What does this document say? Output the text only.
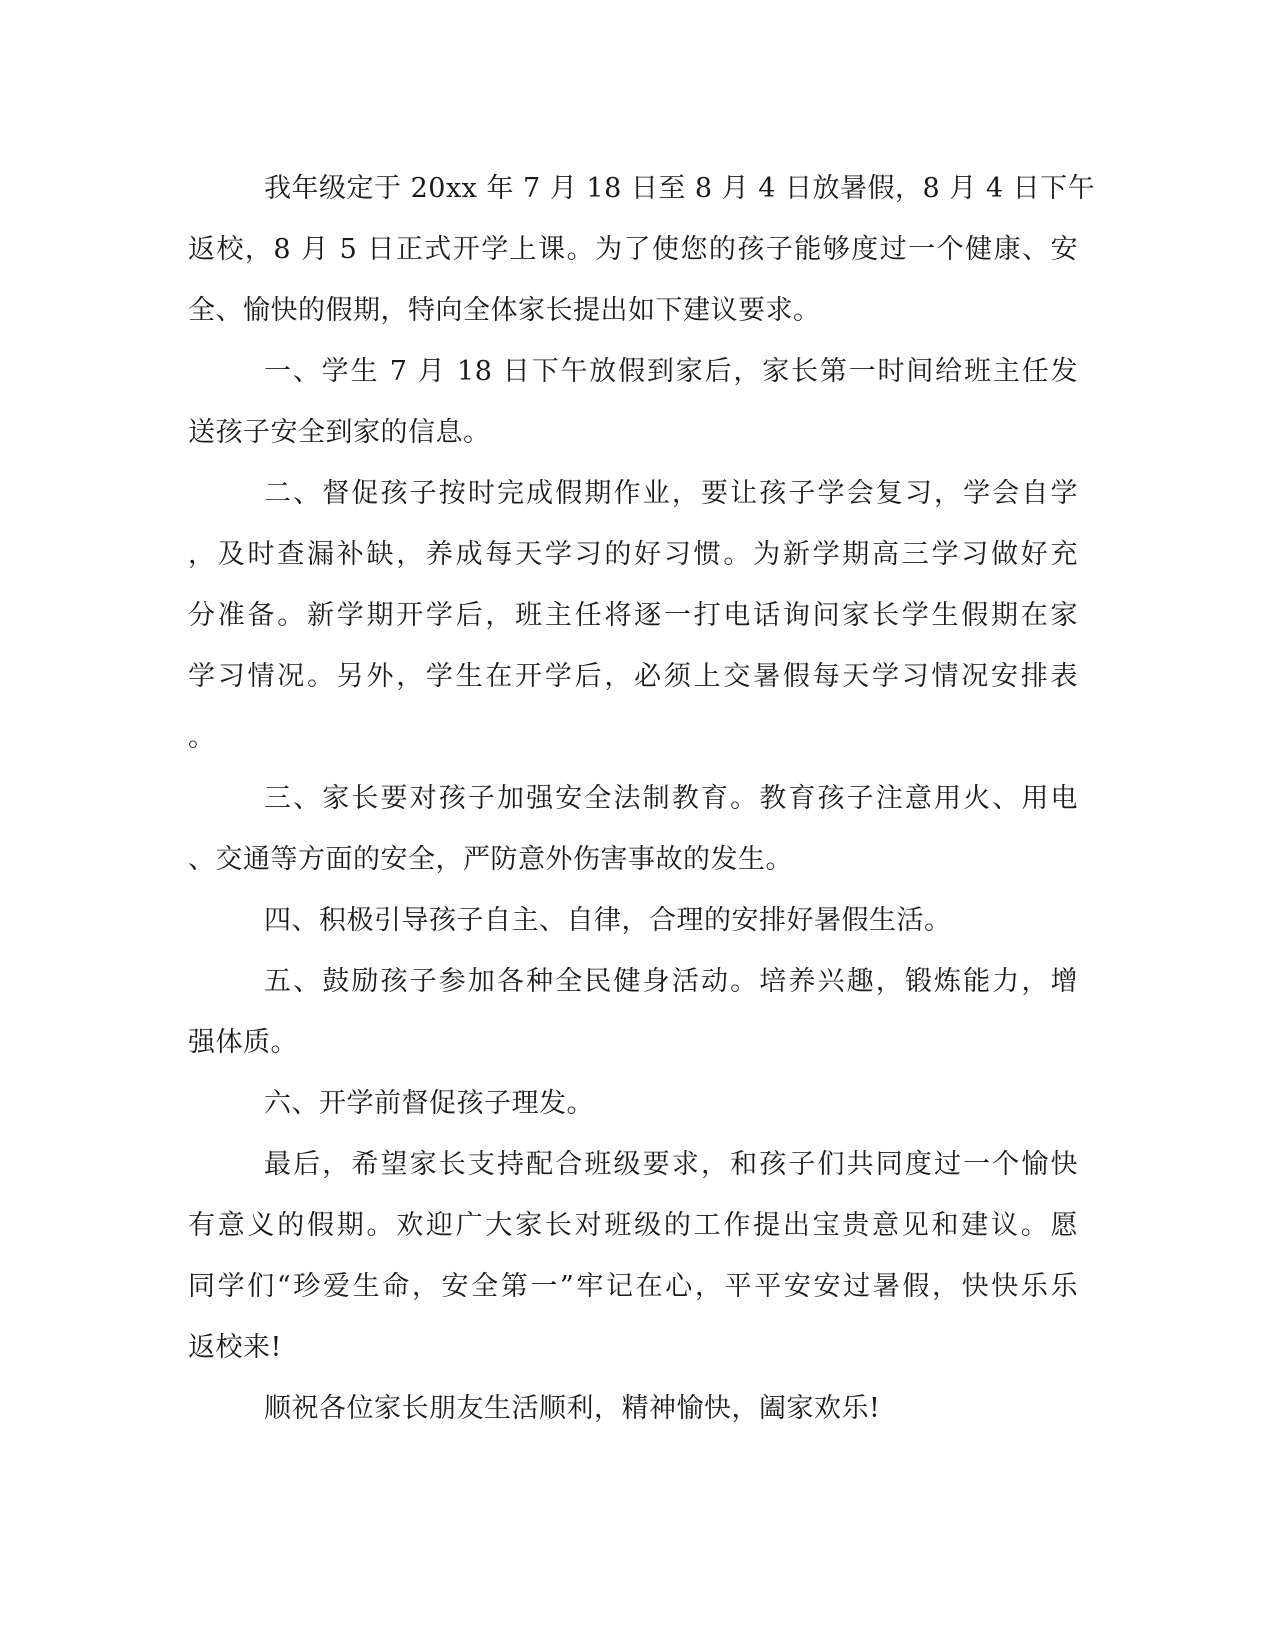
我年级定于 20xx 年 7 月 18 日至 8 月 4 日放暑假，8 月 4 日下午
返校，8 月 5 日正式开学上课。为了使您的孩子能够度过一个健康、安
全、愉快的假期，特向全体家长提出如下建议要求。
一、学生 7 月 18 日下午放假到家后，家长第一时间给班主任发
送孩子安全到家的信息。
二、督促孩子按时完成假期作业，要让孩子学会复习，学会自学
，及时查漏补缺，养成每天学习的好习惯。为新学期高三学习做好充
分准备。新学期开学后，班主任将逐一打电话询问家长学生假期在家
学习情况。另外，学生在开学后，必须上交暑假每天学习情况安排表
。
三、家长要对孩子加强安全法制教育。教育孩子注意用火、用电
、交通等方面的安全，严防意外伤害事故的发生。
四、积极引导孩子自主、自律，合理的安排好暑假生活。
五、鼓励孩子参加各种全民健身活动。培养兴趣，锻炼能力，增
强体质。
六、开学前督促孩子理发。
最后，希望家长支持配合班级要求，和孩子们共同度过一个愉快
有意义的假期。欢迎广大家长对班级的工作提出宝贵意见和建议。愿
同学们“珍爱生命，安全第一”牢记在心，平平安安过暑假，快快乐乐
返校来!
顺祝各位家长朋友生活顺利，精神愉快，阖家欢乐!
